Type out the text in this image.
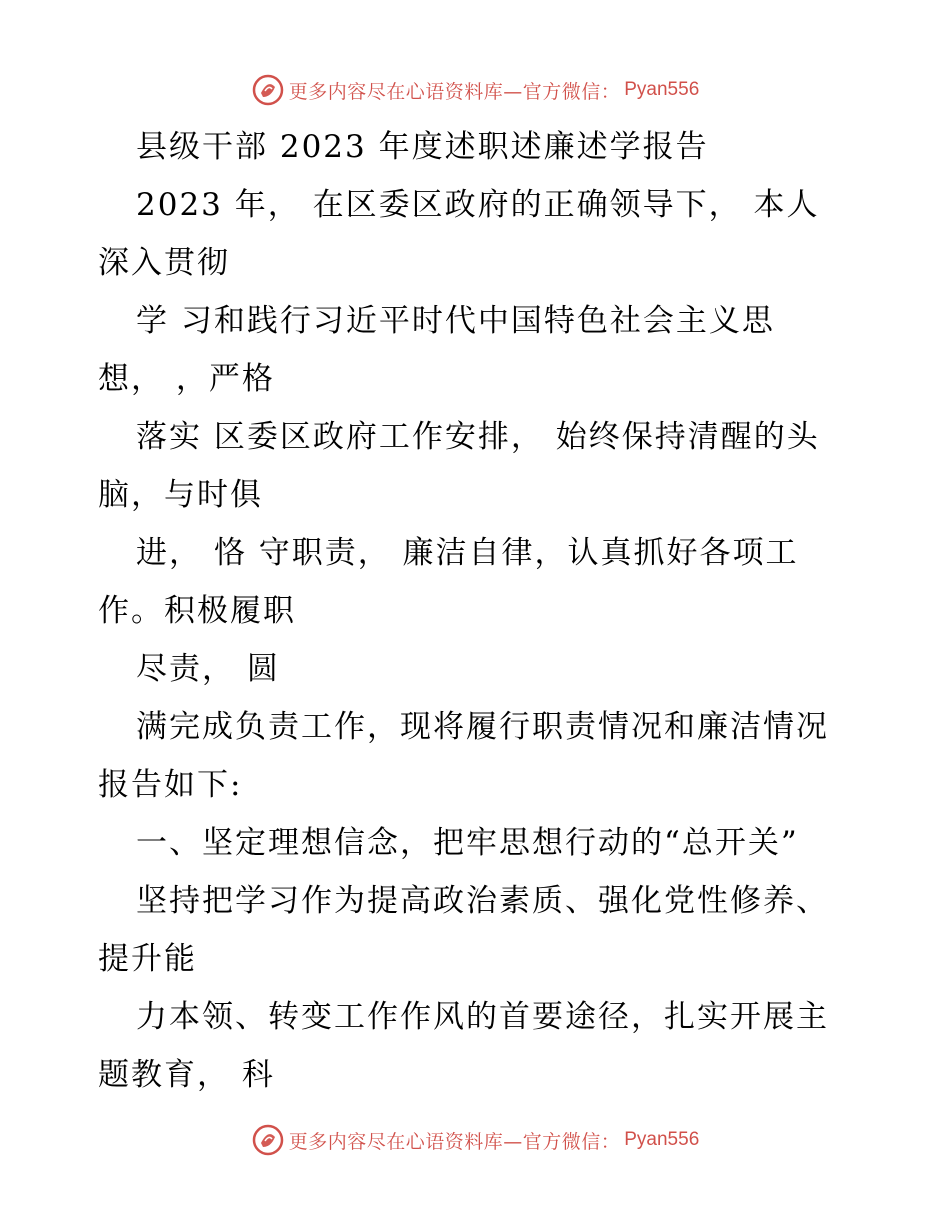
更多内容尽在心语资料库—官方微信： Pyan556
县级干部 2023 年度述职述廉述学报告
2023 年， 在区委区政府的正确领导下， 本人
深入贯彻
学 习和践行习近平时代中国特色社会主义思
想， ，严格
落实 区委区政府工作安排， 始终保持清醒的头
脑，与时俱
进， 恪 守职责， 廉洁自律，认真抓好各项工
作。积极履职
尽责， 圆
满完成负责工作，现将履行职责情况和廉洁情况
报告如下:
一、坚定理想信念，把牢思想行动的“总开关”
坚持把学习作为提高政治素质、强化党性修养、
提升能
力本领、转变工作作风的首要途径，扎实开展主
题教育， 科
更多内容尽在心语资料库—官方微信： Pyan556
